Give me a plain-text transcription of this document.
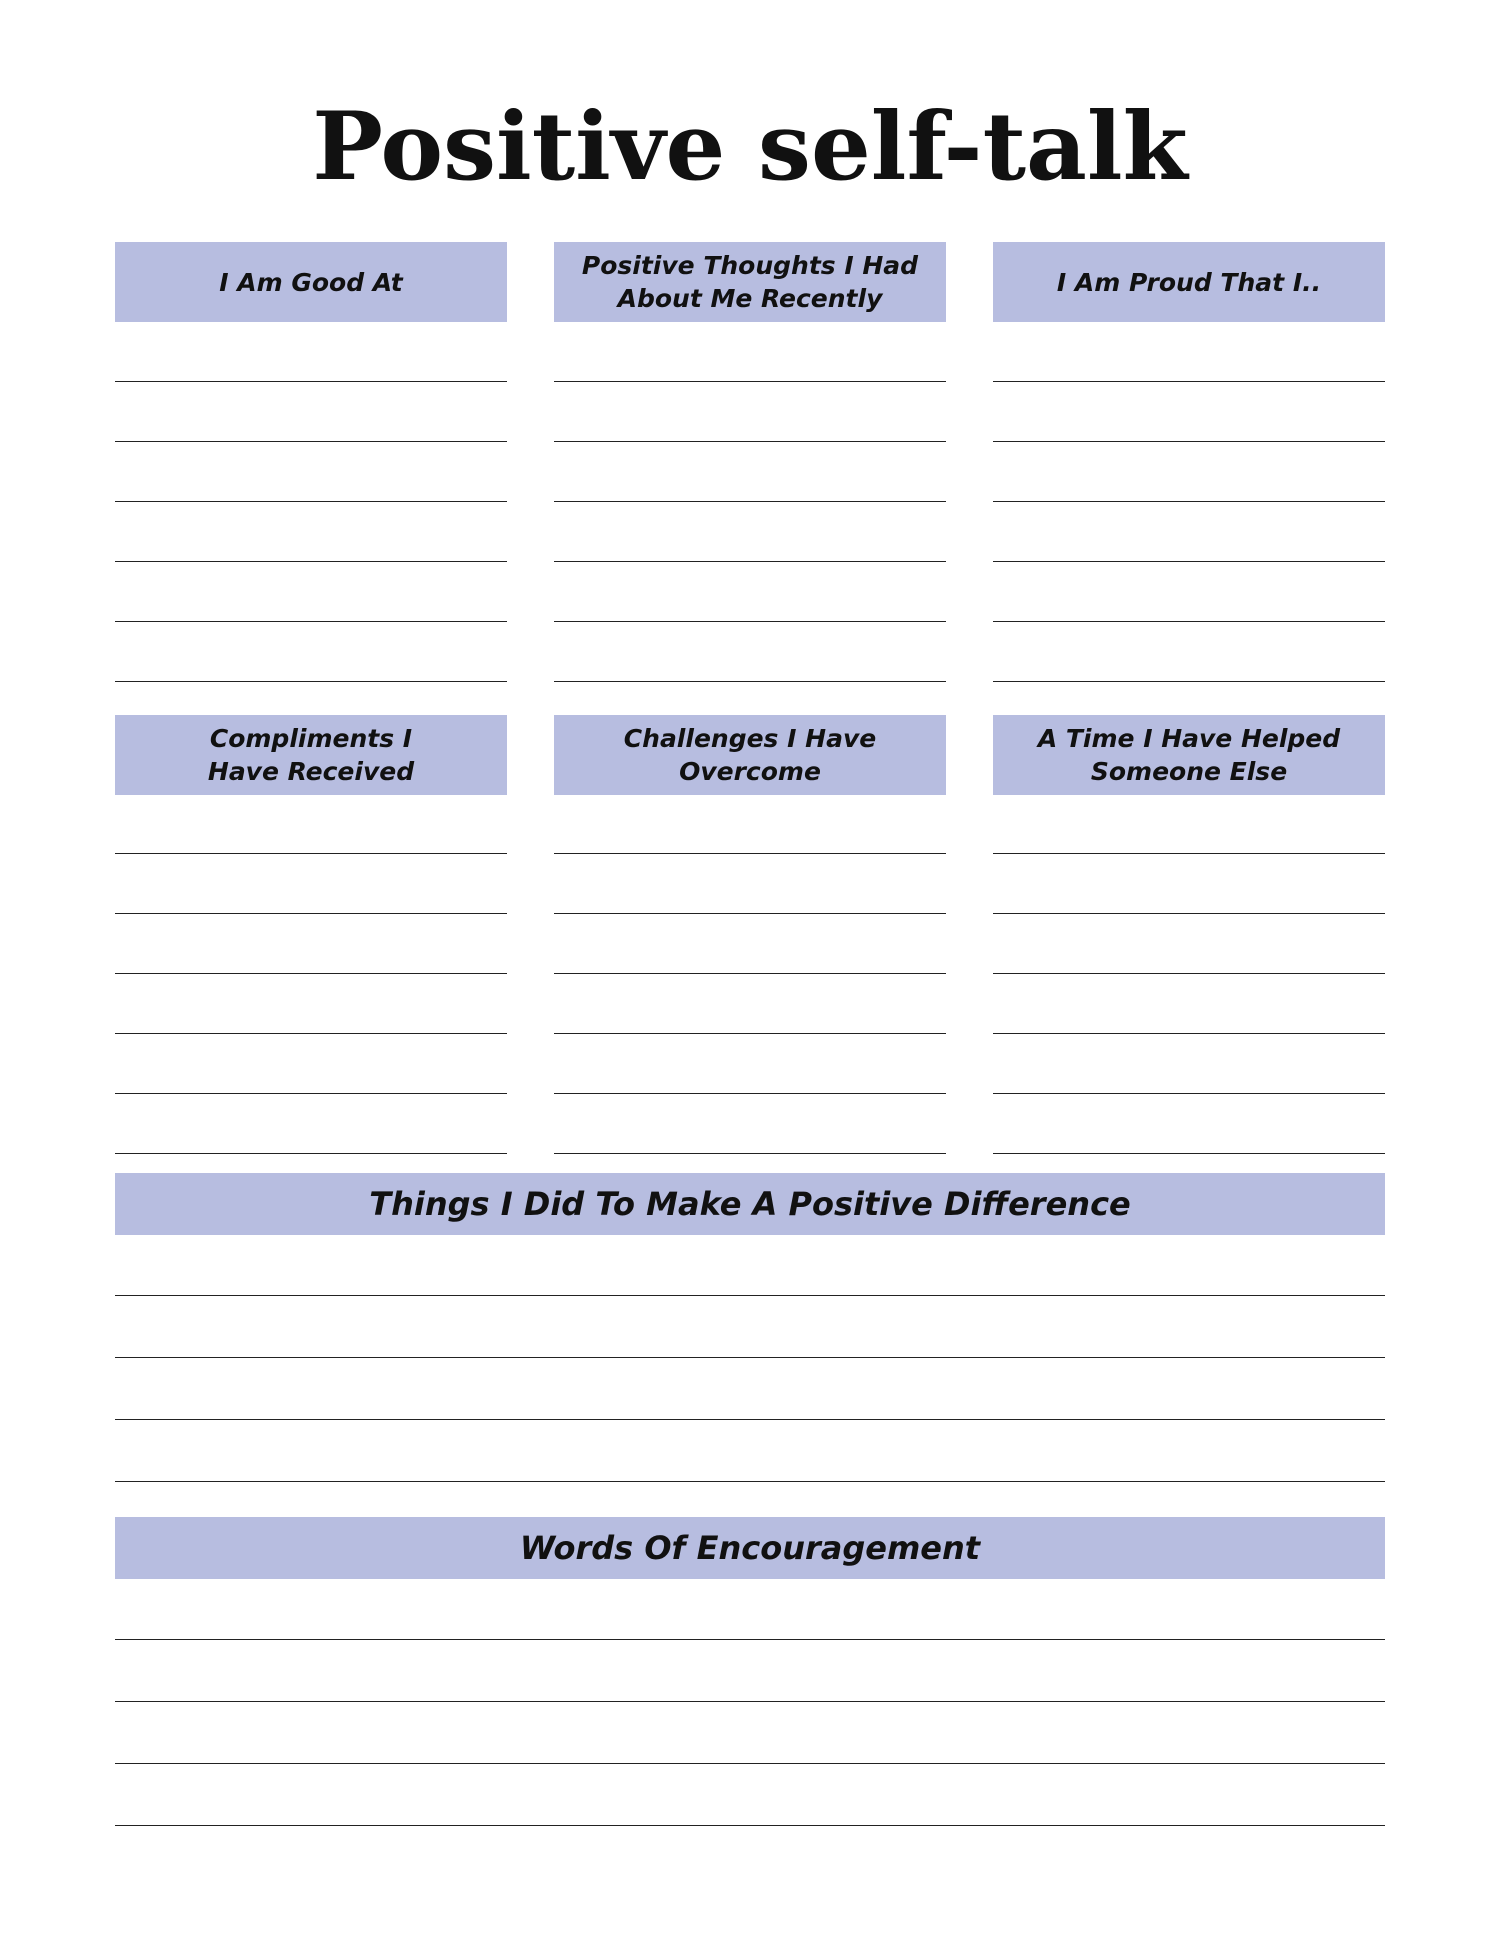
Positive self-talk
I Am Good At
Positive Thoughts I Had
About Me Recently
I Am Proud That I..
Compliments I
Have Received
Challenges I Have
Overcome
A Time I Have Helped
Someone Else
Things I Did To Make A Positive Difference
Words Of Encouragement
